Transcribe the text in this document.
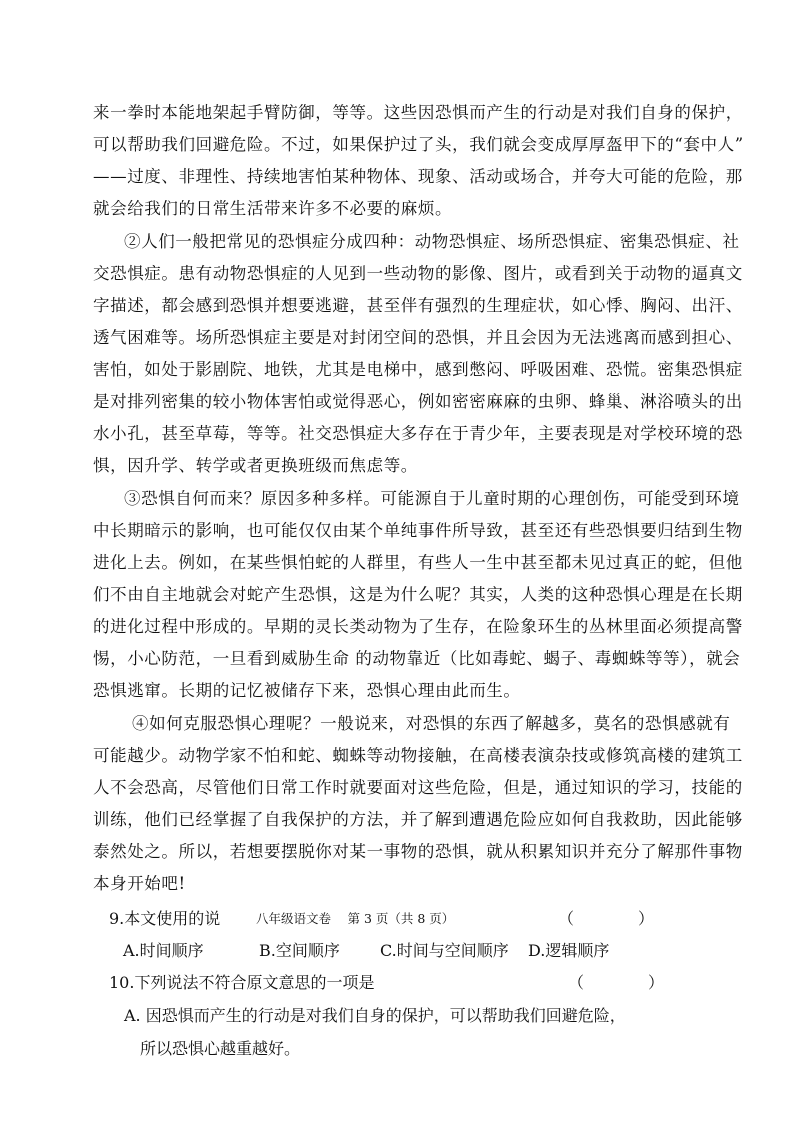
来一拳时本能地架起手臂防御，等等。这些因恐惧而产生的行动是对我们自身的保护，
可以帮助我们回避危险。不过，如果保护过了头，我们就会变成厚厚盔甲下的“套中人”
——过度、非理性、持续地害怕某种物体、现象、活动或场合，并夸大可能的危险，那
就会给我们的日常生活带来许多不必要的麻烦。
②人们一般把常见的恐惧症分成四种：动物恐惧症、场所恐惧症、密集恐惧症、社
交恐惧症。患有动物恐惧症的人见到一些动物的影像、图片，或看到关于动物的逼真文
字描述，都会感到恐惧并想要逃避，甚至伴有强烈的生理症状，如心悸、胸闷、出汗、
透气困难等。场所恐惧症主要是对封闭空间的恐惧，并且会因为无法逃离而感到担心、
害怕，如处于影剧院、地铁，尤其是电梯中，感到憋闷、呼吸困难、恐慌。密集恐惧症
是对排列密集的较小物体害怕或觉得恶心，例如密密麻麻的虫卵、蜂巢、淋浴喷头的出
水小孔，甚至草莓，等等。社交恐惧症大多存在于青少年，主要表现是对学校环境的恐
惧，因升学、转学或者更换班级而焦虑等。
③恐惧自何而来？原因多种多样。可能源自于儿童时期的心理创伤，可能受到环境
中长期暗示的影响，也可能仅仅由某个单纯事件所导致，甚至还有些恐惧要归结到生物
进化上去。例如，在某些惧怕蛇的人群里，有些人一生中甚至都未见过真正的蛇，但他
们不由自主地就会对蛇产生恐惧，这是为什么呢？其实，人类的这种恐惧心理是在长期
的进化过程中形成的。早期的灵长类动物为了生存，在险象环生的丛林里面必须提高警
惕，小心防范，一旦看到威胁生命 的动物靠近（比如毒蛇、蝎子、毒蜘蛛等等），就会
恐惧逃窜。长期的记忆被储存下来，恐惧心理由此而生。
④如何克服恐惧心理呢？一般说来，对恐惧的东西了解越多，莫名的恐惧感就有
可能越少。动物学家不怕和蛇、蜘蛛等动物接触，在高楼表演杂技或修筑高楼的建筑工
人不会恐高，尽管他们日常工作时就要面对这些危险，但是，通过知识的学习，技能的
训练，他们已经掌握了自我保护的方法，并了解到遭遇危险应如何自我救助，因此能够
泰然处之。所以，若想要摆脱你对某一事物的恐惧，就从积累知识并充分了解那件事物
本身开始吧!
9.本文使用的说	八年级语文卷　 第 3 页（共 8 页）	（　　　　）
A.时间顺序	B.空间顺序	C.时间与空间顺序 D.逻辑顺序
10.下列说法不符合原文意思的一项是	（　　　　）
A. 因恐惧而产生的行动是对我们自身的保护，可以帮助我们回避危险，
所以恐惧心越重越好。
